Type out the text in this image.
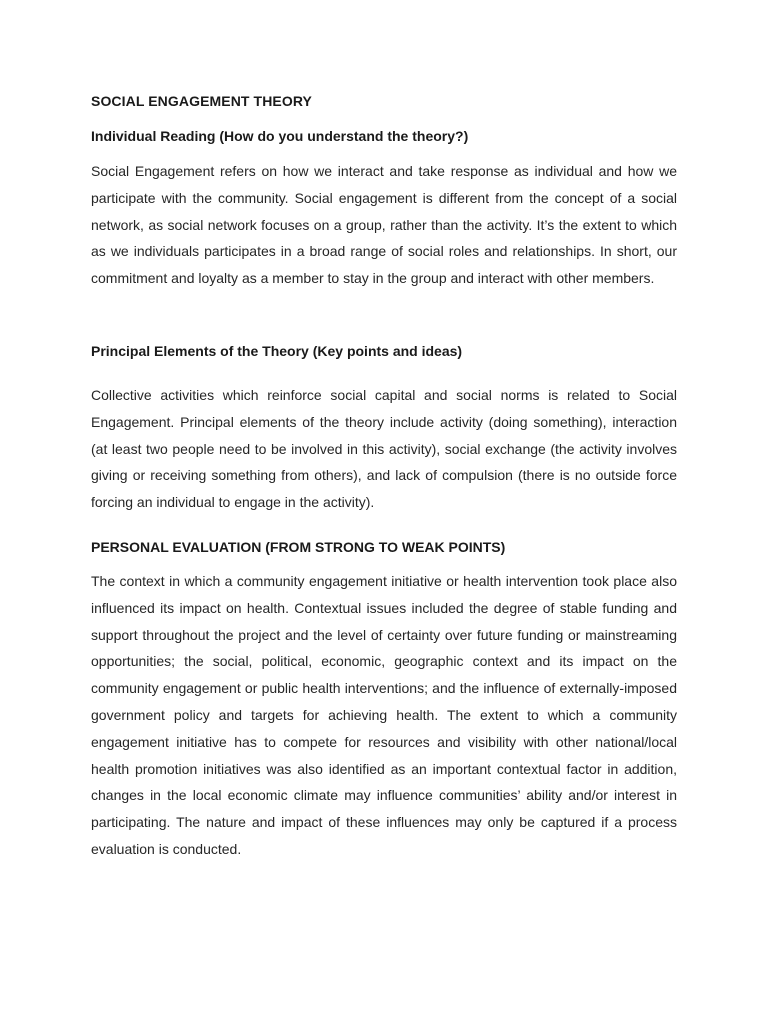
SOCIAL ENGAGEMENT THEORY
Individual Reading (How do you understand the theory?)

Social Engagement refers on how we interact and take response as individual and how we participate with the community. Social engagement is different from the concept of a social network, as social network focuses on a group, rather than the activity. It’s the extent to which as we individuals participates in a broad range of social roles and relationships. In short, our commitment and loyalty as a member to stay in the group and interact with other members.

Principal Elements of the Theory (Key points and ideas)

Collective activities which reinforce social capital and social norms is related to Social Engagement. Principal elements of the theory include activity (doing something), interaction (at least two people need to be involved in this activity), social exchange (the activity involves giving or receiving something from others), and lack of compulsion (there is no outside force forcing an individual to engage in the activity).

PERSONAL EVALUATION (FROM STRONG TO WEAK POINTS)

The context in which a community engagement initiative or health intervention took place also influenced its impact on health. Contextual issues included the degree of stable funding and support throughout the project and the level of certainty over future funding or mainstreaming opportunities; the social, political, economic, geographic context and its impact on the community engagement or public health interventions; and the influence of externally-imposed government policy and targets for achieving health. The extent to which a community engagement initiative has to compete for resources and visibility with other national/local health promotion initiatives was also identified as an important contextual factor in addition, changes in the local economic climate may influence communities’ ability and/or interest in participating. The nature and impact of these influences may only be captured if a process evaluation is conducted.
